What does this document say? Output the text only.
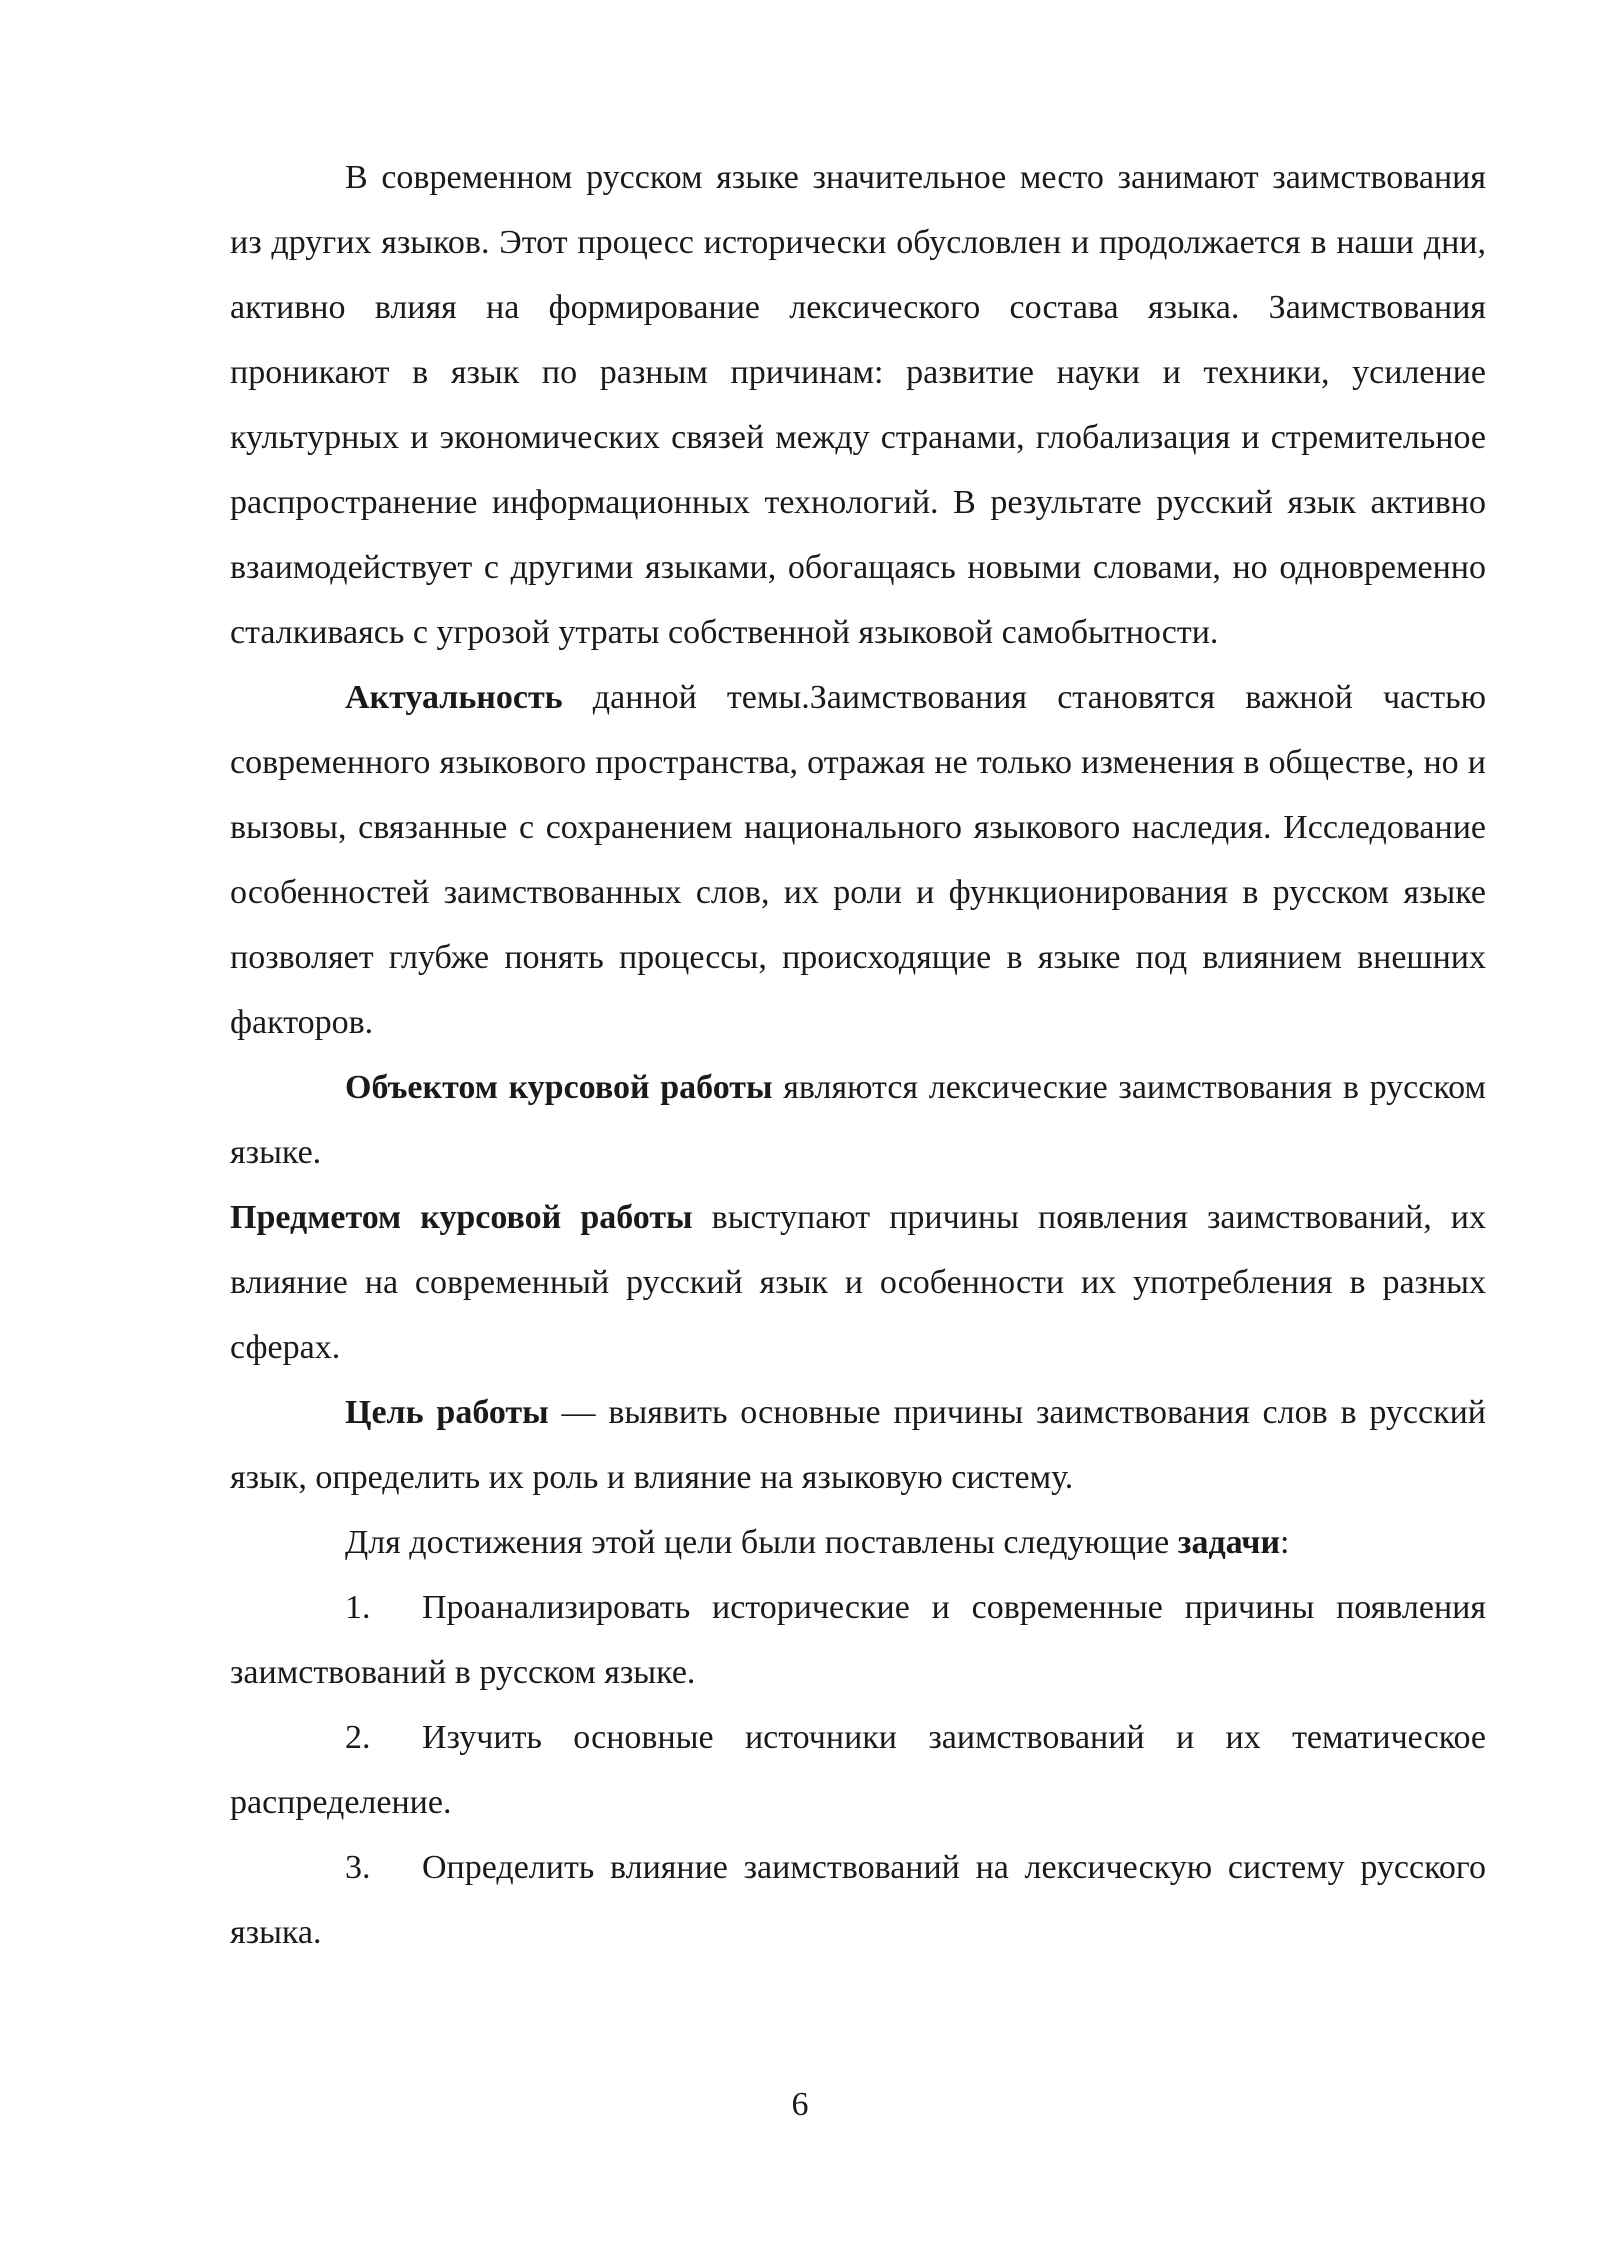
В современном русском языке значительное место занимают заимствования из других языков. Этот процесс исторически обусловлен и продолжается в наши дни, активно влияя на формирование лексического состава языка. Заимствования проникают в язык по разным причинам: развитие науки и техники, усиление культурных и экономических связей между странами, глобализация и стремительное распространение информационных технологий. В результате русский язык активно взаимодействует с другими языками, обогащаясь новыми словами, но одновременно сталкиваясь с угрозой утраты собственной языковой самобытности.

Актуальность данной темы.Заимствования становятся важной частью современного языкового пространства, отражая не только изменения в обществе, но и вызовы, связанные с сохранением национального языкового наследия. Исследование особенностей заимствованных слов, их роли и функционирования в русском языке позволяет глубже понять процессы, происходящие в языке под влиянием внешних факторов.

Объектом курсовой работы являются лексические заимствования в русском языке.

Предметом курсовой работы выступают причины появления заимствований, их влияние на современный русский язык и особенности их употребления в разных сферах.

Цель работы — выявить основные причины заимствования слов в русский язык, определить их роль и влияние на языковую систему.

Для достижения этой цели были поставлены следующие задачи:

1. Проанализировать исторические и современные причины появления заимствований в русском языке.

2. Изучить основные источники заимствований и их тематическое распределение.

3. Определить влияние заимствований на лексическую систему русского языка.

6
